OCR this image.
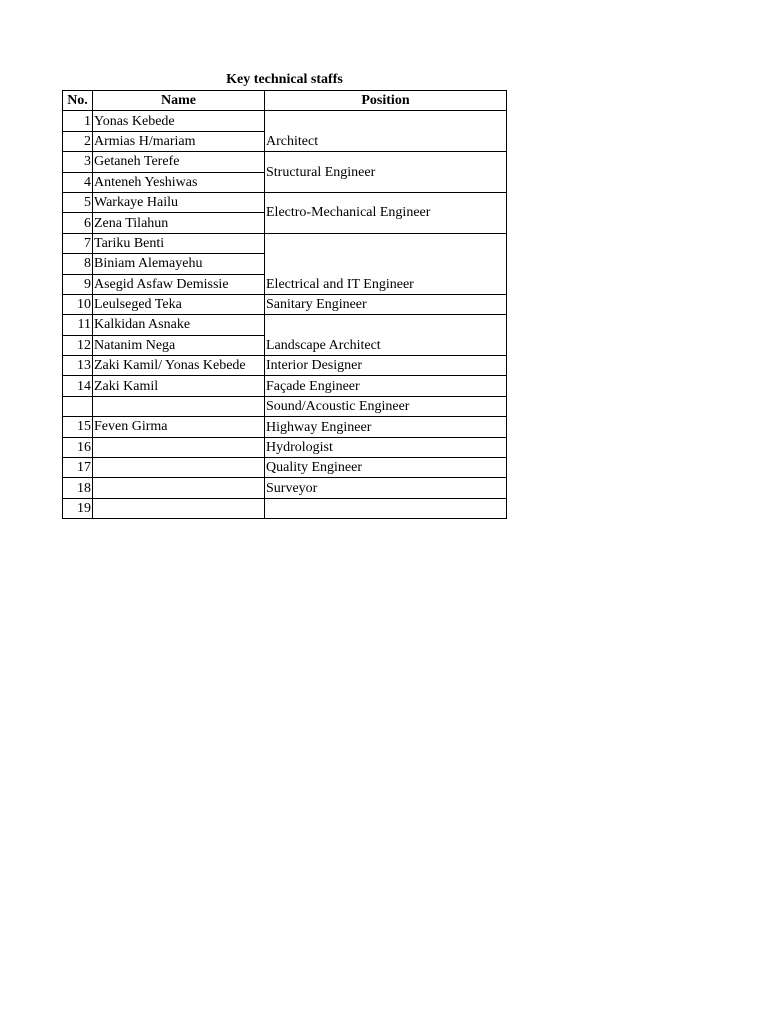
Key technical staffs
No.	Name	Position
1	Yonas Kebede	Architect
2	Armias H/mariam	
3	Getaneh Terefe	Structural Engineer
4	Anteneh Yeshiwas	
5	Warkaye Hailu	Electro-Mechanical Engineer
6	Zena Tilahun	
7	Tariku Benti	Electrical and IT Engineer
8	Biniam Alemayehu	
9	Asegid Asfaw Demissie	
10	Leulseged Teka	Sanitary Engineer
11	Kalkidan Asnake	Landscape Architect
12	Natanim Nega	
13	Zaki Kamil/ Yonas Kebede	Interior Designer
14	Zaki Kamil	Façade Engineer
		Sound/Acoustic Engineer
15	Feven Girma	Highway Engineer
16		Hydrologist
17		Quality Engineer
18		Surveyor
19		
